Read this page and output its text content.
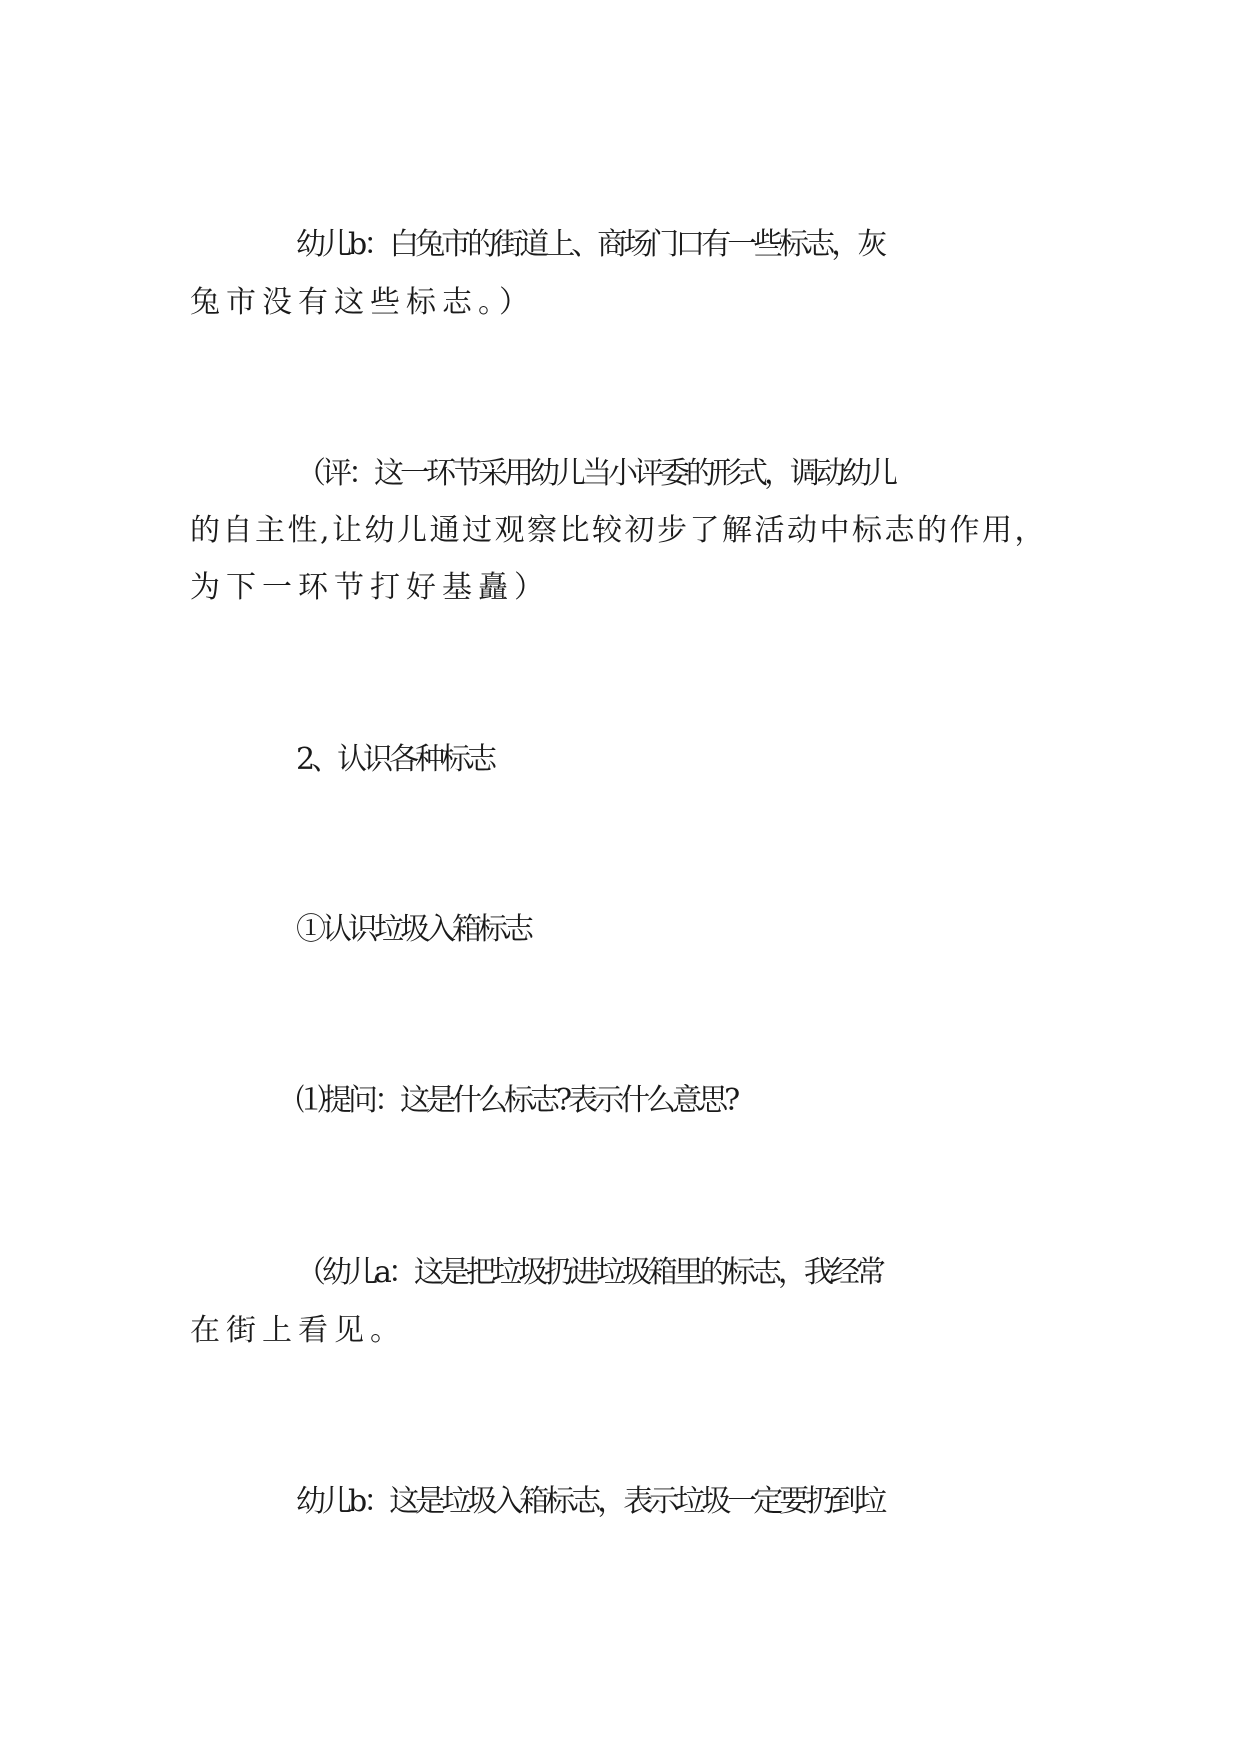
幼儿b：白兔市的街道上、商场门口有一些标志，灰
兔市没有这些标志。）
（评：这一环节采用幼儿当小评委的形式，调动幼儿
的自主性,让幼儿通过观察比较初步了解活动中标志的作用，
为下一环节打好基矗）
2、认识各种标志
①认识垃圾入箱标志
⑴提问：这是什么标志?表示什么意思?
（幼儿a：这是把垃圾扔进垃圾箱里的标志，我经常
在街上看见。
幼儿b：这是垃圾入箱标志，表示垃圾一定要扔到垃
